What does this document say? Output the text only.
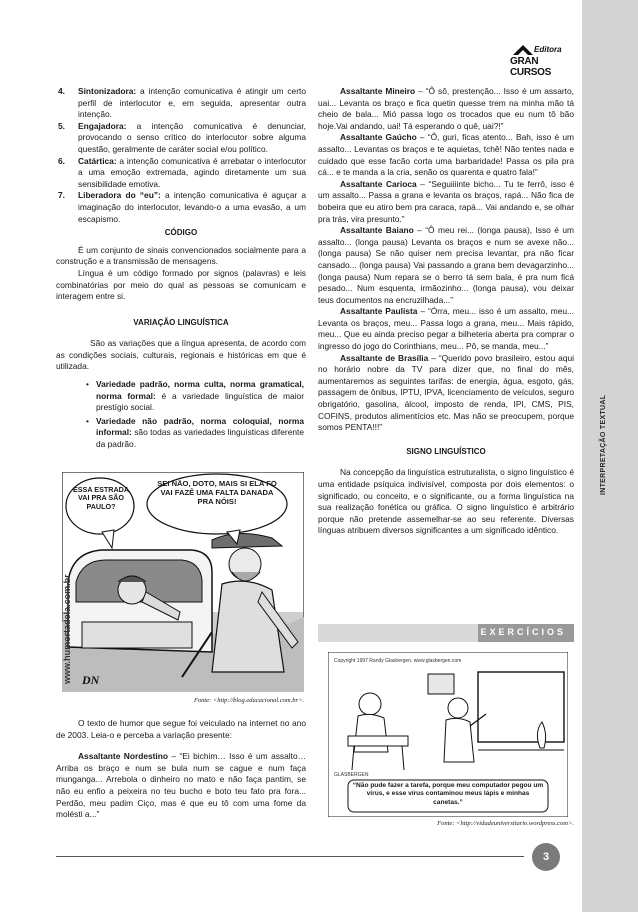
INTERPRETAÇÃO TEXTUAL
Editora
GRAN CURSOS
4. Sintonizadora: a intenção comunicativa é atingir um certo perfil de interlocutor e, em seguida, apresentar outra intenção.
5. Engajadora: a intenção comunicativa é denunciar, provocando o senso crítico do interlocutor sobre alguma questão, geralmente de caráter social e/ou político.
6. Catártica: a intenção comunicativa é arrebatar o interlocutor a uma emoção extremada, agindo diretamente um sua sensibilidade emotiva.
7. Liberadora do “eu”: a intenção comunicativa é aguçar a imaginação do interlocutor, levando-o a uma evasão, a um escapismo.
CÓDIGO

É um conjunto de sinais convencionados socialmente para a construção e a transmissão de mensagens.

Língua é um código formado por signos (palavras) e leis combinatórias por meio do qual as pessoas se comunicam e interagem entre si.

VARIAÇÃO LINGUÍSTICA

São as variações que a língua apresenta, de acordo com as condições sociais, culturais, regionais e históricas em que é utilizada.

• Variedade padrão, norma culta, norma gramatical, norma formal: é a variedade linguística de maior prestígio social.
• Variedade não padrão, norma coloquial, norma informal: são todas as variedades linguísticas diferente da padrão.
ESSA ESTRADA VAI PRA SÃO PAULO?
SEI NÃO, DOTÔ, MAIS SI ELA FÔ VAI FAZÊ UMA FALTA DANADA PRA NÓIS!
www.humortadela.com.br DN
Fonte: <http://blog.educacional.com.br>.

O texto de humor que segue foi veiculado na internet no ano de 2003. Leia-o e perceba a variação presente:

Assaltante Nordestino – “Ei bichim… Isso é um assalto… Arriba os braço e num se bula num se cague e num faça munganga... Arrebola o dinheiro no mato e não faça pantim, se não eu enfio a peixeira no teu bucho e boto teu fato pra fora... Perdão, meu padim Ciço, mas é que eu tô com uma fome da molésti a...”

Assaltante Mineiro – “Ô sô, prestenção... Isso é um assarto, uai... Levanta os braço e fica quetin quesse trem na minha mão tá cheio de bala... Mió passa logo os trocados que eu num tô bão hoje.Vai andando, uai! Tá esperando o quê, uai?!”

Assaltante Gaúcho – “Ô, guri, ficas atento... Bah, isso é um assalto... Levantas os braços e te aquietas, tchê! Não tentes nada e cuidado que esse facão corta uma barbaridade! Passa os pila pra cá... e te manda a la cria, senão os quarenta e quatro fala!”

Assaltante Carioca – “Seguiiiinte bicho... Tu te ferrô, isso é um assalto... Passa a grana e levanta os braços, rapá... Não fica de bobeira que eu atiro bem pra caraca, rapá... Vai andando e, se olhar pra trás, vira presunto.”

Assaltante Baiano – “Ô meu rei... (longa pausa), Isso é um assalto... (longa pausa) Levanta os braços e num se avexe não... (longa pausa) Se não quiser nem precisa levantar, pra não ficar cansado... (longa pausa) Vai passando a grana bem devagarzinho... (longa pausa) Num repara se o berro tá sem bala, é pra num ficá pesado... Num esquenta, irmãozinho... (longa pausa), vou deixar teus documentos na encruzilhada...”

Assaltante Paulista – “Órra, meu... isso é um assalto, meu... Levanta os braços, meu... Passa logo a grana, meu... Mais rápido, meu... Que eu ainda preciso pegar a bilheteria aberta pra comprar o ingresso do jogo do Corinthians, meu... Pô, se manda, meu...”

Assaltante de Brasília – “Querido povo brasileiro, estou aqui no horário nobre da TV para dizer que, no final do mês, aumentaremos as seguintes tarifas: de energia, água, esgoto, gás, passagem de ônibus, IPTU, IPVA, licenciamento de veículos, seguro obrigatório, gasolina, álcool, imposto de renda, IPI, CMS, PIS, COFINS, produtos alimentícios etc. Mas não se preocupem, porque somos PENTA!!!”

SIGNO LINGUÍSTICO

Na concepção da linguística estruturalista, o signo linguístico é uma entidade psíquica indivisível, composta por dois elementos: o significado, ou conceito, e o significante, ou a forma linguística na sua realização fonética ou gráfica. O signo linguístico é arbitrário porque não pretende assemelhar-se ao seu referente. Diversas línguas atribuem diversos significantes a um significado idêntico.

EXERCÍCIOS
Copyright 1997 Randy Glasbergen. www.glasbergen.com
GLASBERGEN
“Não pude fazer a tarefa, porque meu computador pegou um vírus, e esse vírus contaminou meus lápis e minhas canetas.”
Fonte: <http://vidadeuniversitario.wordpress.com>.
3
